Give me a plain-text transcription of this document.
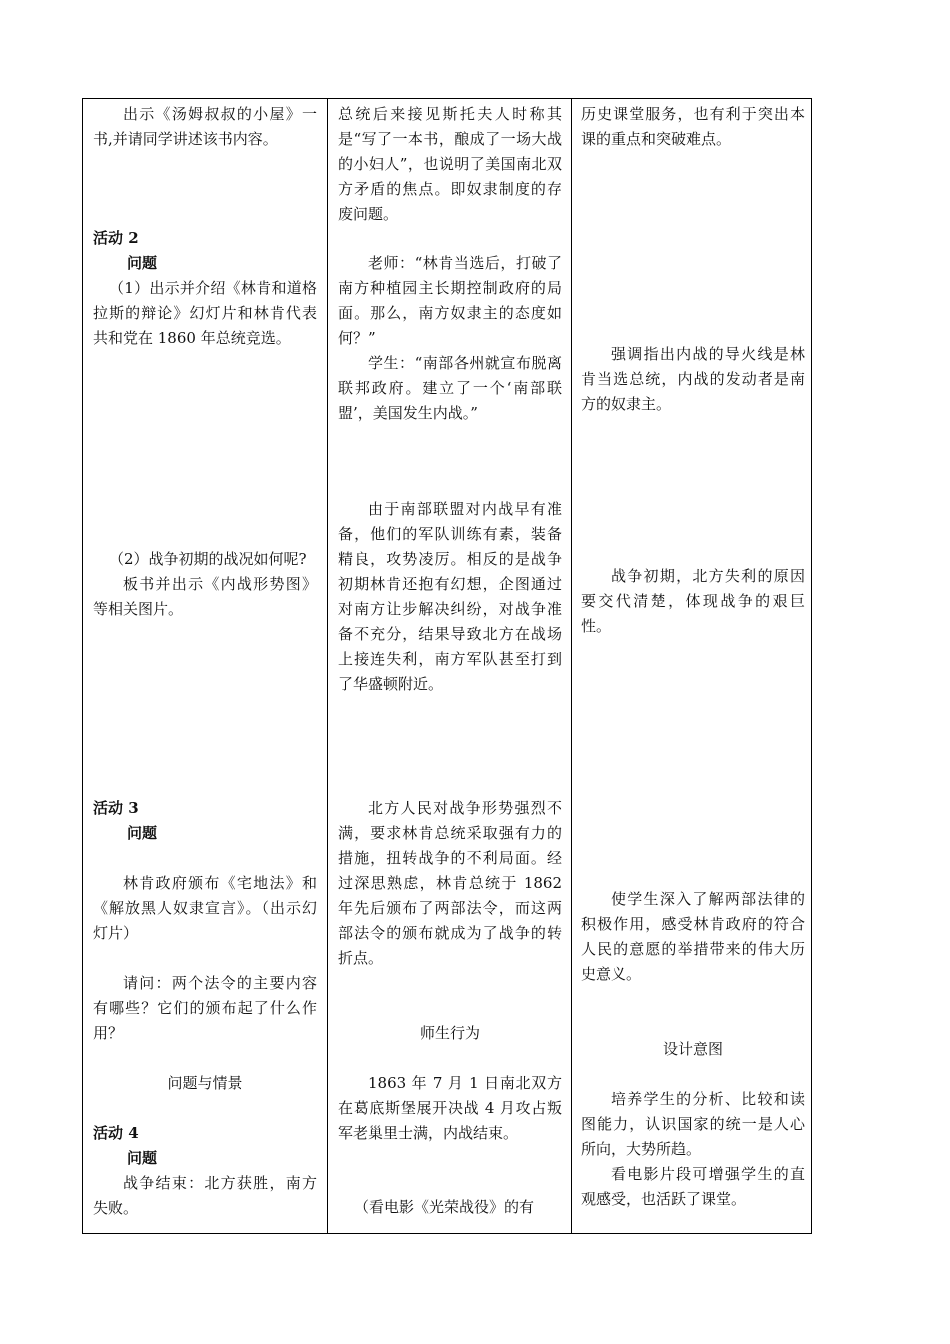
出示《汤姆叔叔的小屋》一书,并请同学讲述该书内容。
活动 2
问题
（1）出示并介绍《林肯和道格拉斯的辩论》幻灯片和林肯代表共和党在 1860 年总统竞选。
（2）战争初期的战况如何呢?
板书并出示《内战形势图》等相关图片。
活动 3
问题
林肯政府颁布《宅地法》和《解放黑人奴隶宣言》。（出示幻灯片）
请问：两个法令的主要内容有哪些？它们的颁布起了什么作用？
问题与情景
活动 4
问题
战争结束：北方获胜，南方失败。
总统后来接见斯托夫人时称其是“写了一本书，酿成了一场大战的小妇人”，也说明了美国南北双方矛盾的焦点。即奴隶制度的存废问题。
老师：“林肯当选后，打破了南方种植园主长期控制政府的局面。那么，南方奴隶主的态度如何？”
学生：“南部各州就宣布脱离联邦政府。建立了一个‘南部联盟’，美国发生内战。”
由于南部联盟对内战早有准备，他们的军队训练有素，装备精良，攻势凌厉。相反的是战争初期林肯还抱有幻想，企图通过对南方让步解决纠纷，对战争准备不充分，结果导致北方在战场上接连失利，南方军队甚至打到了华盛顿附近。
北方人民对战争形势强烈不满，要求林肯总统采取强有力的措施，扭转战争的不利局面。经过深思熟虑，林肯总统于 1862 年先后颁布了两部法令，而这两部法令的颁布就成为了战争的转折点。
师生行为
1863 年 7 月 1 日南北双方在葛底斯堡展开决战 4 月攻占叛军老巢里士满，内战结束。
（看电影《光荣战役》的有
历史课堂服务，也有利于突出本课的重点和突破难点。
强调指出内战的导火线是林肯当选总统，内战的发动者是南方的奴隶主。
战争初期，北方失利的原因要交代清楚，体现战争的艰巨性。
使学生深入了解两部法律的积极作用，感受林肯政府的符合人民的意愿的举措带来的伟大历史意义。
设计意图
培养学生的分析、比较和读图能力，认识国家的统一是人心所向，大势所趋。
看电影片段可增强学生的直观感受，也活跃了课堂。
